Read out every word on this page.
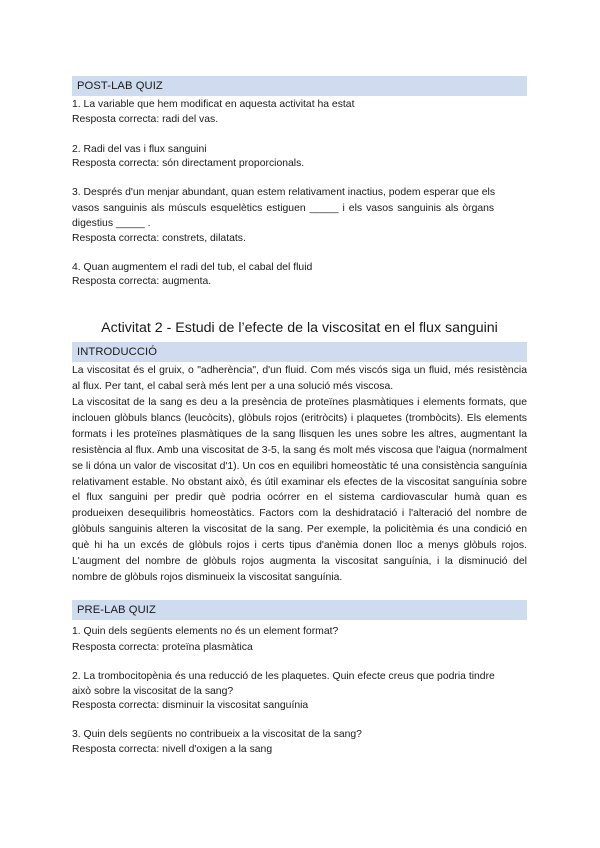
POST-LAB QUIZ
1. La variable que hem modificat en aquesta activitat ha estat
Resposta correcta: radi del vas.
2. Radi del vas i flux sanguini
Resposta correcta: són directament proporcionals.
3. Després d'un menjar abundant, quan estem relativament inactius, podem esperar que els
vasos sanguinis als músculs esquelètics estiguen _____ i els vasos sanguinis als òrgans
digestius _____ .
Resposta correcta: constrets, dilatats.
4. Quan augmentem el radi del tub, el cabal del fluid
Resposta correcta: augmenta.
Activitat 2 - Estudi de l’efecte de la viscositat en el flux sanguini
INTRODUCCIÓ
La viscositat és el gruix, o "adherència", d'un fluid. Com més viscós siga un fluid, més resistència al flux. Per tant, el cabal serà més lent per a una solució més viscosa.
La viscositat de la sang es deu a la presència de proteïnes plasmàtiques i elements formats, que inclouen glòbuls blancs (leucòcits), glòbuls rojos (eritròcits) i plaquetes (trombòcits). Els elements formats i les proteïnes plasmàtiques de la sang llisquen les unes sobre les altres, augmentant la resistència al flux. Amb una viscositat de 3-5, la sang és molt més viscosa que l'aigua (normalment se li dóna un valor de viscositat d'1). Un cos en equilibri homeostàtic té una consistència sanguínia relativament estable. No obstant això, és útil examinar els efectes de la viscositat sanguínia sobre el flux sanguini per predir què podria ocórrer en el sistema cardiovascular humà quan es produeixen desequilibris homeostàtics. Factors com la deshidratació i l'alteració del nombre de glòbuls sanguinis alteren la viscositat de la sang. Per exemple, la policitèmia és una condició en què hi ha un excés de glòbuls rojos i certs tipus d'anèmia donen lloc a menys glòbuls rojos. L'augment del nombre de glòbuls rojos augmenta la viscositat sanguínia, i la disminució del nombre de glòbuls rojos disminueix la viscositat sanguínia.
PRE-LAB QUIZ
1. Quin dels següents elements no és un element format?
Resposta correcta: proteïna plasmàtica
2. La trombocitopènia és una reducció de les plaquetes. Quin efecte creus que podria tindre
això sobre la viscositat de la sang?
Resposta correcta: disminuir la viscositat sanguínia
3. Quin dels següents no contribueix a la viscositat de la sang?
Resposta correcta: nivell d'oxigen a la sang
